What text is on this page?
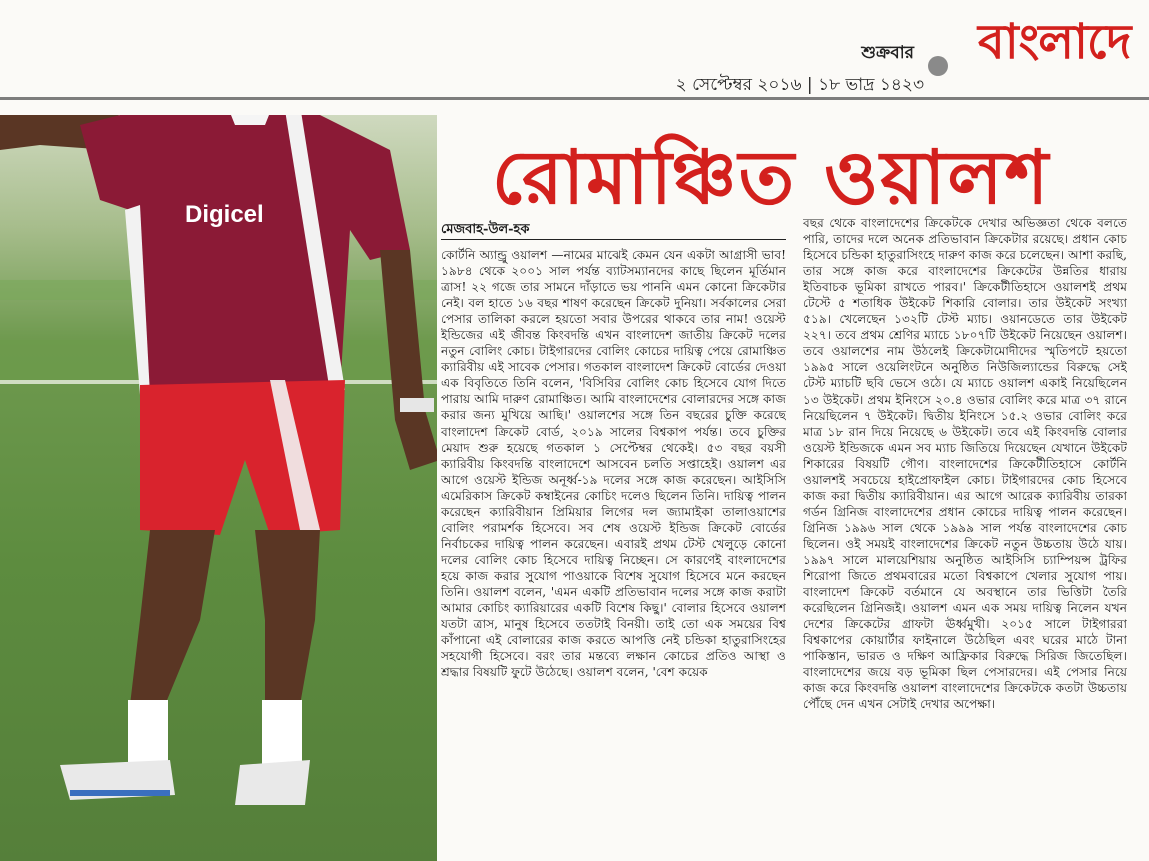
শুক্রবার
২ সেপ্টেম্বর ২০১৬ | ১৮ ভাদ্র ১৪২৩
বাংলাদে
Digicel	রোমাঞ্চিত ওয়ালশ
মেজবাহ-উল-হক

কোর্টনি অ্যান্ড্রু ওয়ালশ —নামের মাঝেই কেমন যেন একটা আগ্রাসী ভাব! ১৯৮৪ থেকে ২০০১ সাল পর্যন্ত ব্যাটসম্যানদের কাছে ছিলেন মূর্তিমান ত্রাস! ২২ গজে তার সামনে দাঁড়াতে ভয় পাননি এমন কোনো ক্রিকেটার নেই। বল হাতে ১৬ বছর শাষণ করেছেন ক্রিকেট দুনিয়া। সর্বকালের সেরা পেসার তালিকা করলে হয়তো সবার উপরের থাকবে তার নাম! ওয়েস্ট ইন্ডিজের এই জীবন্ত কিংবদন্তি এখন বাংলাদেশ জাতীয় ক্রিকেট দলের নতুন বোলিং কোচ। টাইগারদের বোলিং কোচের দায়িত্ব পেয়ে রোমাঞ্চিত ক্যারিবীয় এই সাবেক পেসার। গতকাল বাংলাদেশ ক্রিকেট বোর্ডের দেওয়া এক বিবৃতিতে তিনি বলেন, 'বিসিবির বোলিং কোচ হিসেবে যোগ দিতে পারায় আমি দারুণ রোমাঞ্চিত। আমি বাংলাদেশের বোলারদের সঙ্গে কাজ করার জন্য মুখিয়ে আছি।' ওয়ালশের সঙ্গে তিন বছরের চুক্তি করেছে বাংলাদেশ ক্রিকেট বোর্ড, ২০১৯ সালের বিশ্বকাপ পর্যন্ত। তবে চুক্তির মেয়াদ শুরু হয়েছে গতকাল ১ সেপ্টেম্বর থেকেই। ৫৩ বছর বয়সী ক্যারিবীয় কিংবদন্তি বাংলাদেশে আসবেন চলতি সপ্তাহেই। ওয়ালশ এর আগে ওয়েস্ট ইন্ডিজ অনূর্ধ্ব-১৯ দলের সঙ্গে কাজ করেছেন। আইসিসি এমেরিকাস ক্রিকেট কম্বাইনের কোচিং দলেও ছিলেন তিনি। দায়িত্ব পালন করেছেন ক্যারিবীয়ান প্রিমিয়ার লিগের দল জ্যামাইকা তালাওয়াশের বোলিং পরামর্শক হিসেবে। সব শেষ ওয়েস্ট ইন্ডিজ ক্রিকেট বোর্ডের নির্বাচকের দায়িত্ব পালন করেছেন। এবারই প্রথম টেস্ট খেলুড়ে কোনো দলের বোলিং কোচ হিসেবে দায়িত্ব নিচ্ছেন। সে কারণেই বাংলাদেশের হয়ে কাজ করার সুযোগ পাওয়াকে বিশেষ সুযোগ হিসেবে মনে করছেন তিনি। ওয়ালশ বলেন, 'এমন একটি প্রতিভাবান দলের সঙ্গে কাজ করাটা আমার কোচিং ক্যারিয়ারের একটি বিশেষ কিছু।' বোলার হিসেবে ওয়ালশ যতটা ত্রাস, মানুষ হিসেবে ততটাই বিনয়ী। তাই তো এক সময়ের বিশ্ব কাঁপানো এই বোলারের কাজ করতে আপত্তি নেই চন্ডিকা হাতুরাসিংহের সহযোগী হিসেবে। বরং তার মন্তব্যে লক্ষান কোচের প্রতিও আস্থা ও শ্রদ্ধার বিষয়টি ফুটে উঠেছে। ওয়ালশ বলেন, 'বেশ কয়েক

বছর থেকে বাংলাদেশের ক্রিকেটকে দেখার অভিজ্ঞতা থেকে বলতে পারি, তাদের দলে অনেক প্রতিভাবান ক্রিকেটার রয়েছে। প্রধান কোচ হিসেবে চন্ডিকা হাতুরাসিংহে দারুণ কাজ করে চলেছেন। আশা করছি, তার সঙ্গে কাজ করে বাংলাদেশের ক্রিকেটের উন্নতির ধারায় ইতিবাচক ভূমিকা রাখতে পারব।' ক্রিকেটীতিহাসে ওয়ালশই প্রথম টেস্টে ৫ শতাধিক উইকেট শিকারি বোলার। তার উইকেট সংখ্যা ৫১৯। খেলেছেন ১৩২টি টেস্ট ম্যাচ। ওয়ানডেতে তার উইকেট ২২৭। তবে প্রথম শ্রেণির ম্যাচে ১৮০৭টি উইকেট নিয়েছেন ওয়ালশ। তবে ওয়ালশের নাম উঠলেই ক্রিকেটামোদীদের স্মৃতিপটে হয়তো ১৯৯৫ সালে ওয়েলিংটনে অনুষ্ঠিত নিউজিল্যান্ডের বিরুদ্ধে সেই টেস্ট ম্যাচটি ছবি ভেসে ওঠে। যে ম্যাচে ওয়ালশ একাই নিয়েছিলেন ১৩ উইকেট। প্রথম ইনিংসে ২০.৪ ওভার বোলিং করে মাত্র ৩৭ রানে নিয়েছিলেন ৭ উইকেট। দ্বিতীয় ইনিংসে ১৫.২ ওভার বোলিং করে মাত্র ১৮ রান দিয়ে নিয়েছে ৬ উইকেট। তবে এই কিংবদন্তি বোলার ওয়েস্ট ইন্ডিজকে এমন সব ম্যাচ জিতিয়ে দিয়েছেন যেখানে উইকেট শিকারের বিষয়টি গৌণ। বাংলাদেশের ক্রিকেটীতিহাসে কোর্টনি ওয়ালশই সবচেয়ে হাইপ্রোফাইল কোচ। টাইগারদের কোচ হিসেবে কাজ করা দ্বিতীয় ক্যারিবীয়ান। এর আগে আরেক ক্যারিবীয় তারকা গর্ডন গ্রিনিজ বাংলাদেশের প্রধান কোচের দায়িত্ব পালন করেছেন। গ্রিনিজ ১৯৯৬ সাল থেকে ১৯৯৯ সাল পর্যন্ত বাংলাদেশের কোচ ছিলেন। ওই সময়ই বাংলাদেশের ক্রিকেট নতুন উচ্চতায় উঠে যায়। ১৯৯৭ সালে মালয়েশিয়ায় অনুষ্ঠিত আইসিসি চ্যাম্পিয়ন্স ট্রফির শিরোপা জিতে প্রথমবারের মতো বিশ্বকাপে খেলার সুযোগ পায়। বাংলাদেশ ক্রিকেট বর্তমানে যে অবস্থানে তার ভিত্তিটা তৈরি করেছিলেন গ্রিনিজই। ওয়ালশ এমন এক সময় দায়িত্ব নিলেন যখন দেশের ক্রিকেটের গ্রাফটা ঊর্ধ্বমুখী। ২০১৫ সালে টাইগাররা বিশ্বকাপের কোয়ার্টার ফাইনালে উঠেছিল এবং ঘরের মাঠে টানা পাকিস্তান, ভারত ও দক্ষিণ আফ্রিকার বিরুদ্ধে সিরিজ জিতেছিল। বাংলাদেশের জয়ে বড় ভূমিকা ছিল পেসারদের। এই পেসার নিয়ে কাজ করে কিংবদন্তি ওয়ালশ বাংলাদেশের ক্রিকেটকে কতটা উচ্চতায় পৌঁছে দেন এখন সেটাই দেখার অপেক্ষা।
